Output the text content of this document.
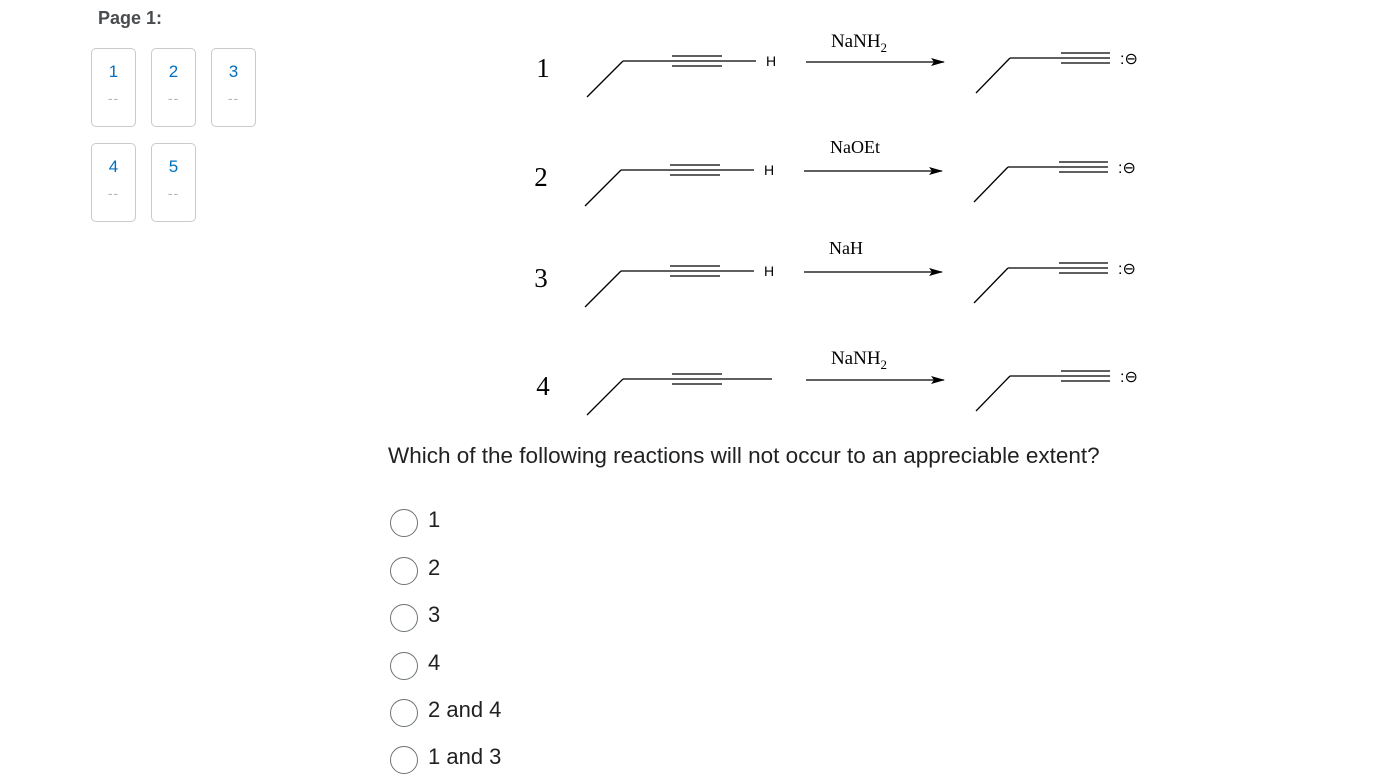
Page 1:
1
--
2
--
3
--
4
--
5
--
1	H
NaNH$_2$
:⊖
2	H
NaOEt
:⊖
3	H
NaH
:⊖
4
NaNH$_2$
:⊖
Which of the following reactions will not occur to an appreciable extent?
1
2
3
4
2 and 4
1 and 3
